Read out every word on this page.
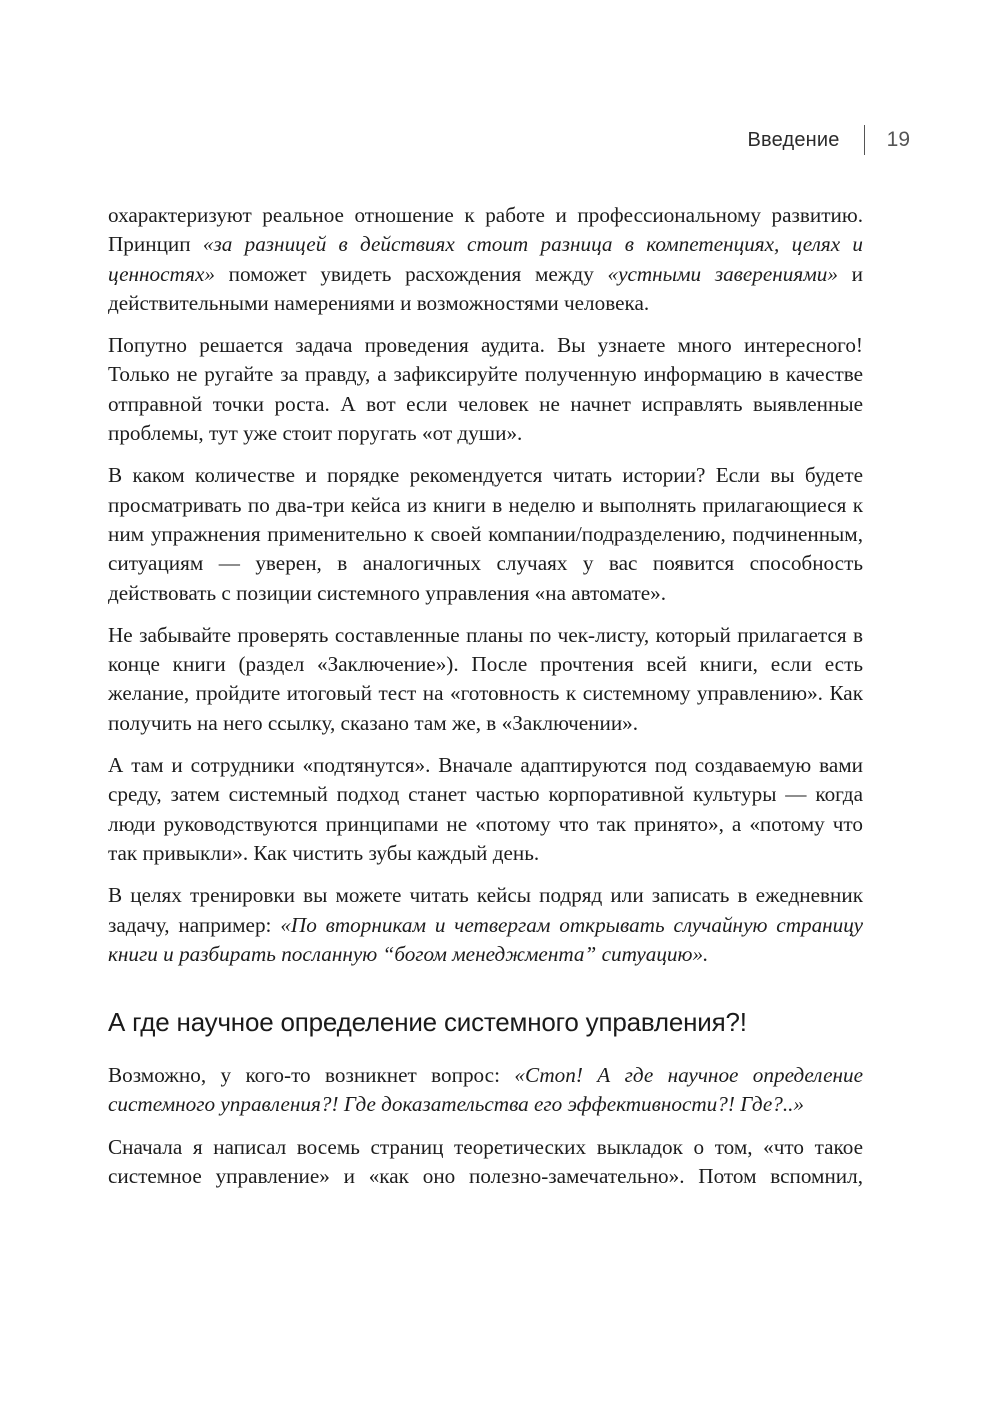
Введение 19

охарактеризуют реальное отношение к работе и профессиональному развитию. Принцип «за разницей в действиях стоит разница в компетенциях, целях и ценностях» поможет увидеть расхождения между «устными заверениями» и действительными намерениями и возможностями человека.

Попутно решается задача проведения аудита. Вы узнаете много интересного! Только не ругайте за правду, а зафиксируйте полученную информацию в качестве отправной точки роста. А вот если человек не начнет исправлять выявленные проблемы, тут уже стоит поругать «от души».

В каком количестве и порядке рекомендуется читать истории? Если вы будете просматривать по два-три кейса из книги в неделю и выполнять прилагающиеся к ним упражнения применительно к своей компании/подразделению, подчиненным, ситуациям — уверен, в аналогичных случаях у вас появится способность действовать с позиции системного управления «на автомате».

Не забывайте проверять составленные планы по чек-листу, который прилагается в конце книги (раздел «Заключение»). После прочтения всей книги, если есть желание, пройдите итоговый тест на «готовность к системному управлению». Как получить на него ссылку, сказано там же, в «Заключении».

А там и сотрудники «подтянутся». Вначале адаптируются под создаваемую вами среду, затем системный подход станет частью корпоративной культуры — когда люди руководствуются принципами не «потому что так принято», а «потому что так привыкли». Как чистить зубы каждый день.

В целях тренировки вы можете читать кейсы подряд или записать в ежедневник задачу, например: «По вторникам и четвергам открывать случайную страницу книги и разбирать посланную “богом менеджмента” ситуацию».

А где научное определение системного управления?!

Возможно, у кого-то возникнет вопрос: «Стоп! А где научное определение системного управления?! Где доказательства его эффективности?! Где?..»

Сначала я написал восемь страниц теоретических выкладок о том, «что такое системное управление» и «как оно полезно-замечательно». Потом вспомнил,
